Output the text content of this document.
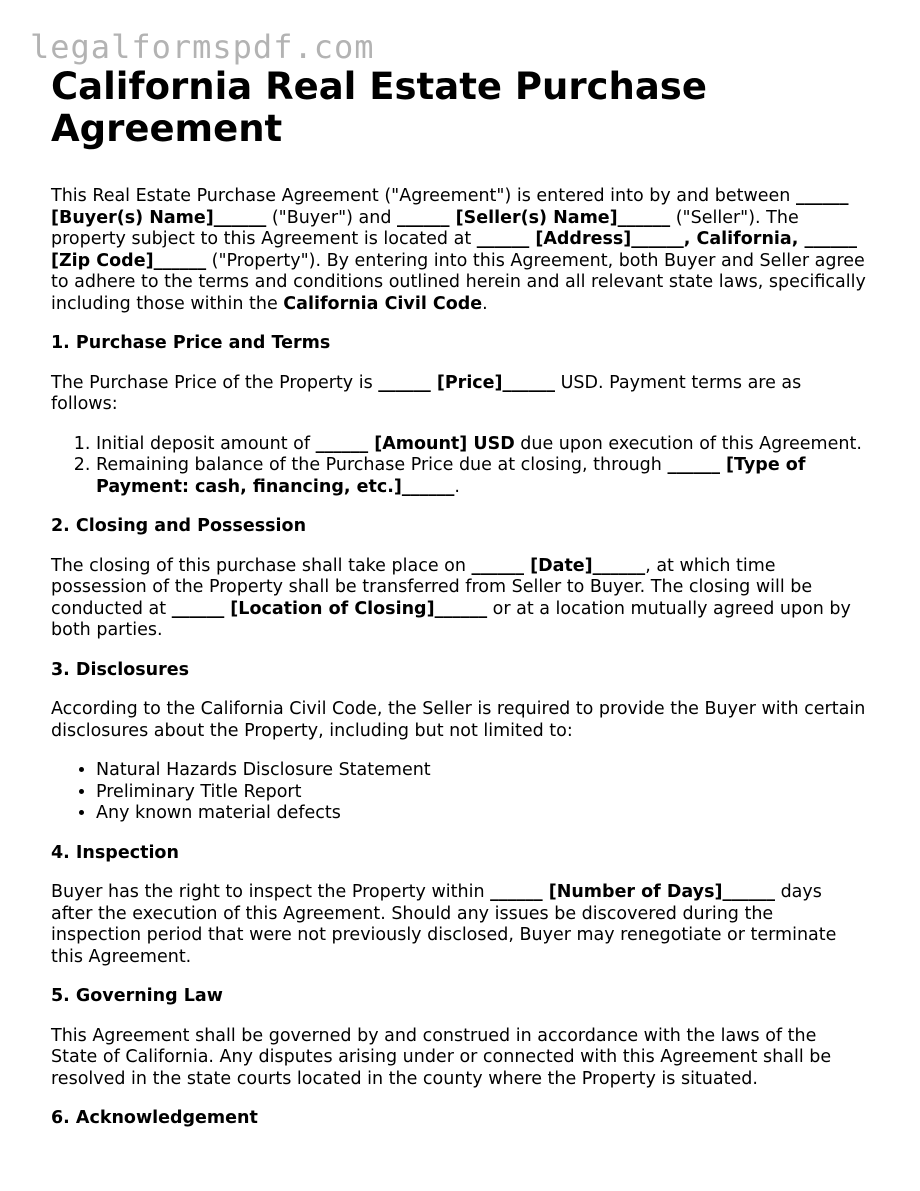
legalformspdf.com
California Real Estate Purchase Agreement

This Real Estate Purchase Agreement ("Agreement") is entered into by and between ______ [Buyer(s) Name]______ ("Buyer") and ______ [Seller(s) Name]______ ("Seller"). The property subject to this Agreement is located at ______ [Address]______, California, ______ [Zip Code]______ ("Property"). By entering into this Agreement, both Buyer and Seller agree to adhere to the terms and conditions outlined herein and all relevant state laws, specifically including those within the California Civil Code.

1. Purchase Price and Terms

The Purchase Price of the Property is ______ [Price]______ USD. Payment terms are as follows:

1. Initial deposit amount of ______ [Amount] USD due upon execution of this Agreement.
2. Remaining balance of the Purchase Price due at closing, through ______ [Type of Payment: cash, financing, etc.]______.
2. Closing and Possession

The closing of this purchase shall take place on ______ [Date]______, at which time possession of the Property shall be transferred from Seller to Buyer. The closing will be conducted at ______ [Location of Closing]______ or at a location mutually agreed upon by both parties.

3. Disclosures

According to the California Civil Code, the Seller is required to provide the Buyer with certain disclosures about the Property, including but not limited to:

• Natural Hazards Disclosure Statement
• Preliminary Title Report
• Any known material defects
4. Inspection

Buyer has the right to inspect the Property within ______ [Number of Days]______ days after the execution of this Agreement. Should any issues be discovered during the inspection period that were not previously disclosed, Buyer may renegotiate or terminate this Agreement.

5. Governing Law

This Agreement shall be governed by and construed in accordance with the laws of the State of California. Any disputes arising under or connected with this Agreement shall be resolved in the state courts located in the county where the Property is situated.

6. Acknowledgement
